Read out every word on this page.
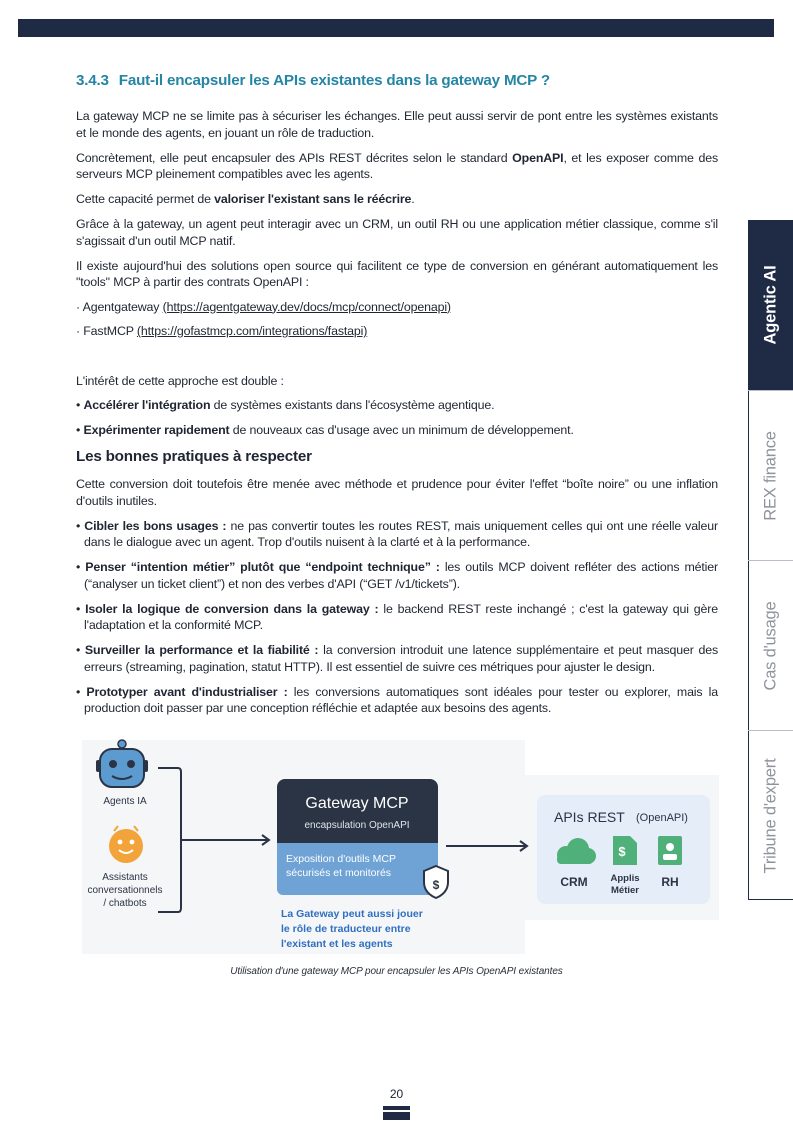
3.4.3 Faut-il encapsuler les APIs existantes dans la gateway MCP ?

La gateway MCP ne se limite pas à sécuriser les échanges. Elle peut aussi servir de pont entre les systèmes existants et le monde des agents, en jouant un rôle de traduction.

Concrètement, elle peut encapsuler des APIs REST décrites selon le standard OpenAPI, et les exposer comme des serveurs MCP pleinement compatibles avec les agents.

Cette capacité permet de valoriser l'existant sans le réécrire.

Grâce à la gateway, un agent peut interagir avec un CRM, un outil RH ou une application métier classique, comme s'il s'agissait d'un outil MCP natif.

Il existe aujourd'hui des solutions open source qui facilitent ce type de conversion en générant automatiquement les "tools" MCP à partir des contrats OpenAPI :

· Agentgateway (https://agentgateway.dev/docs/mcp/connect/openapi)

· FastMCP (https://gofastmcp.com/integrations/fastapi)

L'intérêt de cette approche est double :

• Accélérer l'intégration de systèmes existants dans l'écosystème agentique.

• Expérimenter rapidement de nouveaux cas d'usage avec un minimum de développement.

Les bonnes pratiques à respecter

Cette conversion doit toutefois être menée avec méthode et prudence pour éviter l'effet “boîte noire” ou une inflation d'outils inutiles.

• Cibler les bons usages : ne pas convertir toutes les routes REST, mais uniquement celles qui ont une réelle valeur dans le dialogue avec un agent. Trop d'outils nuisent à la clarté et à la performance.

• Penser “intention métier” plutôt que “endpoint technique” : les outils MCP doivent refléter des actions métier (“analyser un ticket client”) et non des verbes d'API (“GET /v1/tickets”).

• Isoler la logique de conversion dans la gateway : le backend REST reste inchangé ; c'est la gateway qui gère l'adaptation et la conformité MCP.

• Surveiller la performance et la fiabilité : la conversion introduit une latence supplémentaire et peut masquer des erreurs (streaming, pagination, statut HTTP). Il est essentiel de suivre ces métriques pour ajuster le design.

• Prototyper avant d'industrialiser : les conversions automatiques sont idéales pour tester ou explorer, mais la production doit passer par une conception réfléchie et adaptée aux besoins des agents.

Agents IA
Assistants conversationnels / chatbots
Gateway MCP
encapsulation OpenAPI
Exposition d'outils MCP sécurisés et monitorés
$
La Gateway peut aussi jouer le rôle de traducteur entre l'existant et les agents
APIs REST (OpenAPI)
CRM
$
Applis Métier
RH
Utilisation d'une gateway MCP pour encapsuler les APIs OpenAPI existantes
Agentic AI
REX finance
Cas d'usage
Tribune d'expert
20
